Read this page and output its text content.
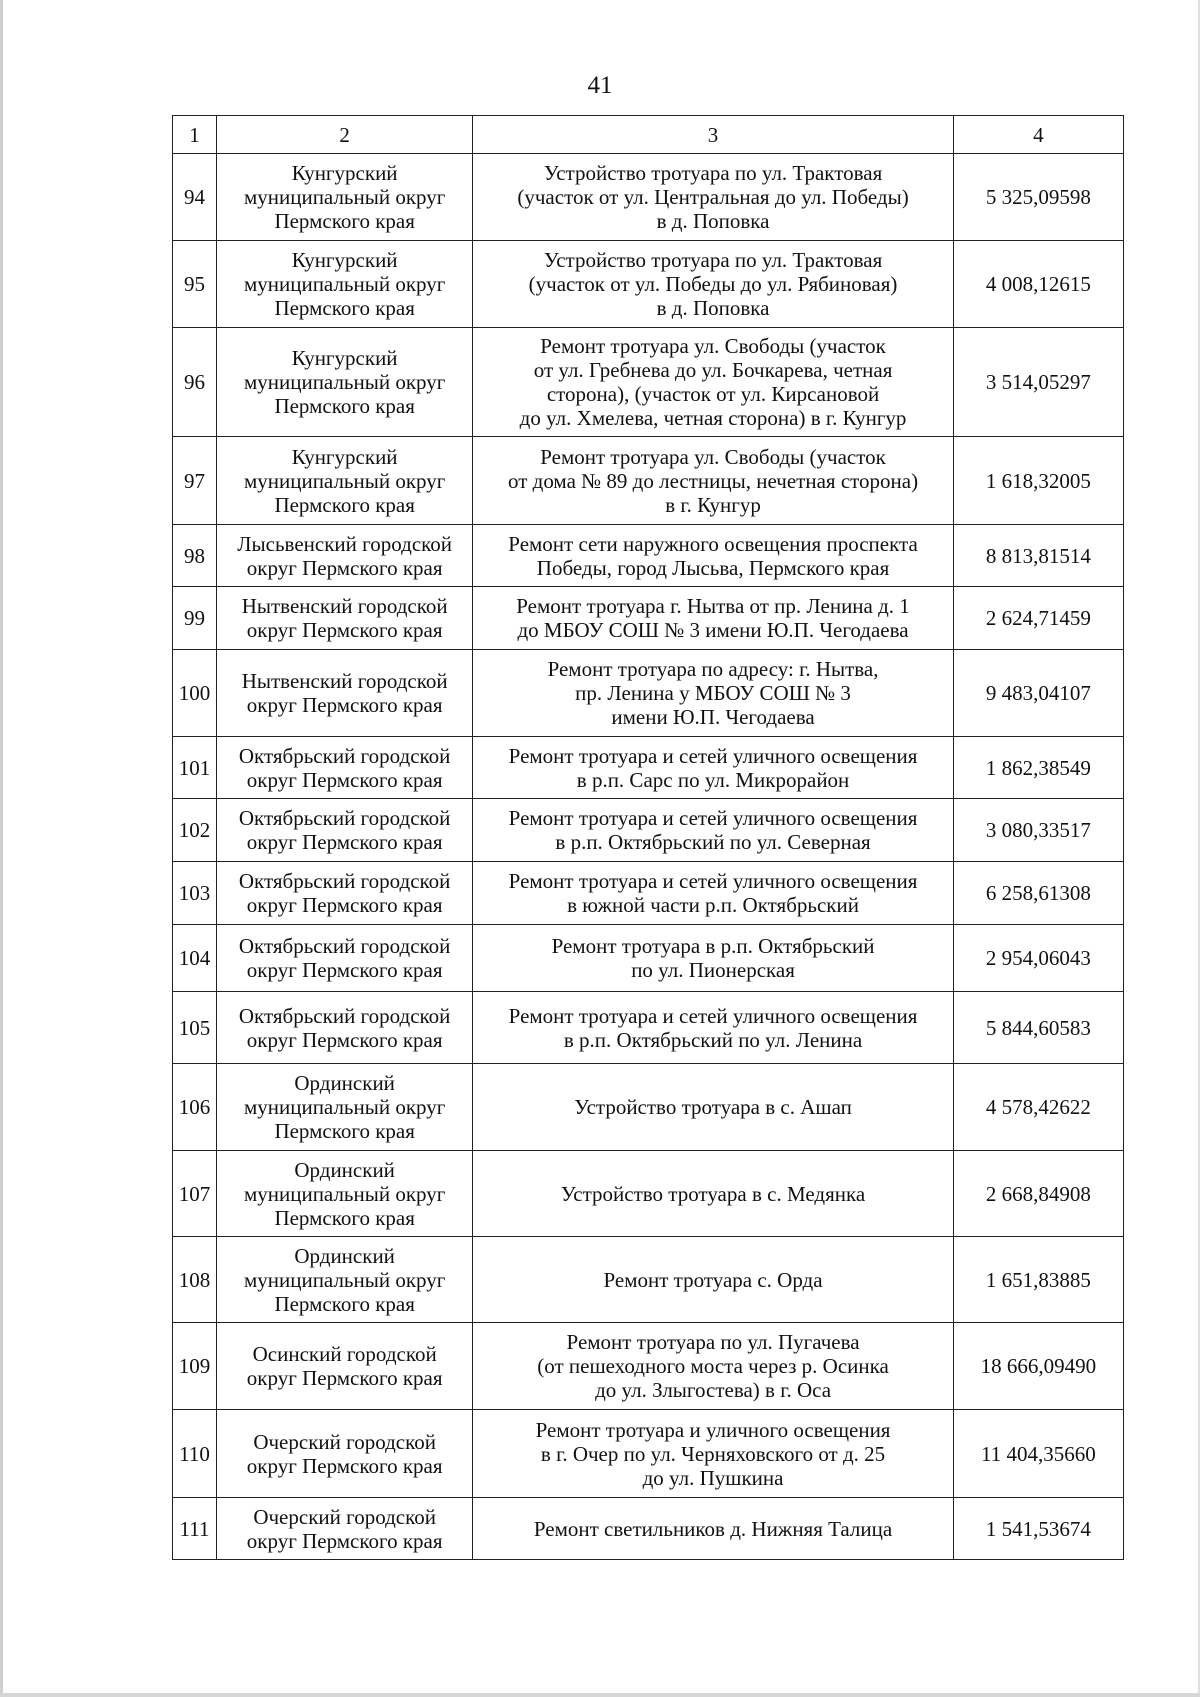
41
1	2	3	4
94	Кунгурский
муниципальный округ
Пермского края	Устройство тротуара по ул. Трактовая
(участок от ул. Центральная до ул. Победы)
в д. Поповка	5 325,09598
95	Кунгурский
муниципальный округ
Пермского края	Устройство тротуара по ул. Трактовая
(участок от ул. Победы до ул. Рябиновая)
в д. Поповка	4 008,12615
96	Кунгурский
муниципальный округ
Пермского края	Ремонт тротуара ул. Свободы (участок
от ул. Гребнева до ул. Бочкарева, четная
сторона), (участок от ул. Кирсановой
до ул. Хмелева, четная сторона) в г. Кунгур	3 514,05297
97	Кунгурский
муниципальный округ
Пермского края	Ремонт тротуара ул. Свободы (участок
от дома № 89 до лестницы, нечетная сторона)
в г. Кунгур	1 618,32005
98	Лысьвенский городской
округ Пермского края	Ремонт сети наружного освещения проспекта
Победы, город Лысьва, Пермского края	8 813,81514
99	Нытвенский городской
округ Пермского края	Ремонт тротуара г. Нытва от пр. Ленина д. 1
до МБОУ СОШ № 3 имени Ю.П. Чегодаева	2 624,71459
100	Нытвенский городской
округ Пермского края	Ремонт тротуара по адресу: г. Нытва,
пр. Ленина у МБОУ СОШ № 3
имени Ю.П. Чегодаева	9 483,04107
101	Октябрьский городской
округ Пермского края	Ремонт тротуара и сетей уличного освещения
в р.п. Сарс по ул. Микрорайон	1 862,38549
102	Октябрьский городской
округ Пермского края	Ремонт тротуара и сетей уличного освещения
в р.п. Октябрьский по ул. Северная	3 080,33517
103	Октябрьский городской
округ Пермского края	Ремонт тротуара и сетей уличного освещения
в южной части р.п. Октябрьский	6 258,61308
104	Октябрьский городской
округ Пермского края	Ремонт тротуара в р.п. Октябрьский
по ул. Пионерская	2 954,06043
105	Октябрьский городской
округ Пермского края	Ремонт тротуара и сетей уличного освещения
в р.п. Октябрьский по ул. Ленина	5 844,60583
106	Ординский
муниципальный округ
Пермского края	Устройство тротуара в с. Ашап	4 578,42622
107	Ординский
муниципальный округ
Пермского края	Устройство тротуара в с. Медянка	2 668,84908
108	Ординский
муниципальный округ
Пермского края	Ремонт тротуара с. Орда	1 651,83885
109	Осинский городской
округ Пермского края	Ремонт тротуара по ул. Пугачева
(от пешеходного моста через р. Осинка
до ул. Злыгостева) в г. Оса	18 666,09490
110	Очерский городской
округ Пермского края	Ремонт тротуара и уличного освещения
в г. Очер по ул. Черняховского от д. 25
до ул. Пушкина	11 404,35660
111	Очерский городской
округ Пермского края	Ремонт светильников д. Нижняя Талица	1 541,53674
